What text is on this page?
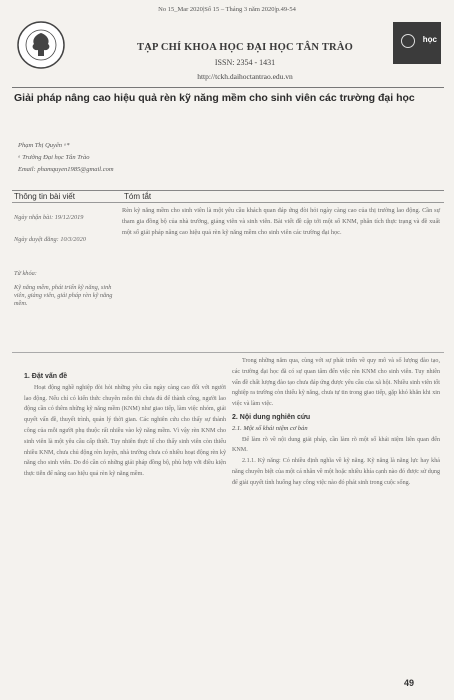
No 15_Mar 2020|Số 15 – Tháng 3 năm 2020|p.49-54
học
TẠP CHÍ KHOA HỌC ĐẠI HỌC TÂN TRÀO
ISSN: 2354 - 1431
http://tckh.daihoctantrao.edu.vn
Giải pháp nâng cao hiệu quả rèn kỹ năng mềm cho sinh viên các trường đại học
Phạm Thị Quyên ᵃ*
ᵃ Trường Đại học Tân Trào
Email: phamquyen1985@gmail.com
Thông tin bài viết	Tóm tắt
Ngày nhận bài: 19/12/2019
Ngày duyệt đăng: 10/3/2020
Từ khóa:
Kỹ năng mềm, phát triển kỹ năng, sinh viên, giảng viên, giải pháp rèn kỹ năng mềm.
Rèn kỹ năng mềm cho sinh viên là một yêu cầu khách quan đáp ứng đòi hỏi ngày càng cao của thị trường lao động. Cần sự tham gia đồng bộ của nhà trường, giảng viên và sinh viên. Bài viết đề cập tới một số KNM, phân tích thực trạng và đề xuất một số giải pháp nâng cao hiệu quả rèn kỹ năng mềm cho sinh viên các trường đại học.

1. Đặt vấn đề

Hoạt động nghề nghiệp đòi hỏi những yêu cầu ngày càng cao đối với người lao động. Nếu chỉ có kiến thức chuyên môn thì chưa đủ để thành công, người lao động cần có thêm những kỹ năng mềm (KNM) như giao tiếp, làm việc nhóm, giải quyết vấn đề, thuyết trình, quản lý thời gian. Các nghiên cứu cho thấy sự thành công của mỗi người phụ thuộc rất nhiều vào kỹ năng mềm. Vì vậy rèn KNM cho sinh viên là một yêu cầu cấp thiết. Tuy nhiên thực tế cho thấy sinh viên còn thiếu nhiều KNM, chưa chủ động rèn luyện, nhà trường chưa có nhiều hoạt động rèn kỹ năng cho sinh viên. Do đó cần có những giải pháp đồng bộ, phù hợp với điều kiện thực tiễn để nâng cao hiệu quả rèn kỹ năng mềm.

Trong những năm qua, cùng với sự phát triển về quy mô và số lượng đào tạo, các trường đại học đã có sự quan tâm đến việc rèn KNM cho sinh viên. Tuy nhiên vấn đề chất lượng đào tạo chưa đáp ứng được yêu cầu của xã hội. Nhiều sinh viên tốt nghiệp ra trường còn thiếu kỹ năng, chưa tự tin trong giao tiếp, gặp khó khăn khi xin việc và làm việc.

2. Nội dung nghiên cứu

2.1. Một số khái niệm cơ bản

Để làm rõ về nội dung giải pháp, cần làm rõ một số khái niệm liên quan đến KNM.

2.1.1. Kỹ năng: Có nhiều định nghĩa về kỹ năng. Kỹ năng là năng lực hay khả năng chuyên biệt của một cá nhân về một hoặc nhiều khía cạnh nào đó được sử dụng để giải quyết tình huống hay công việc nào đó phát sinh trong cuộc sống.

49
